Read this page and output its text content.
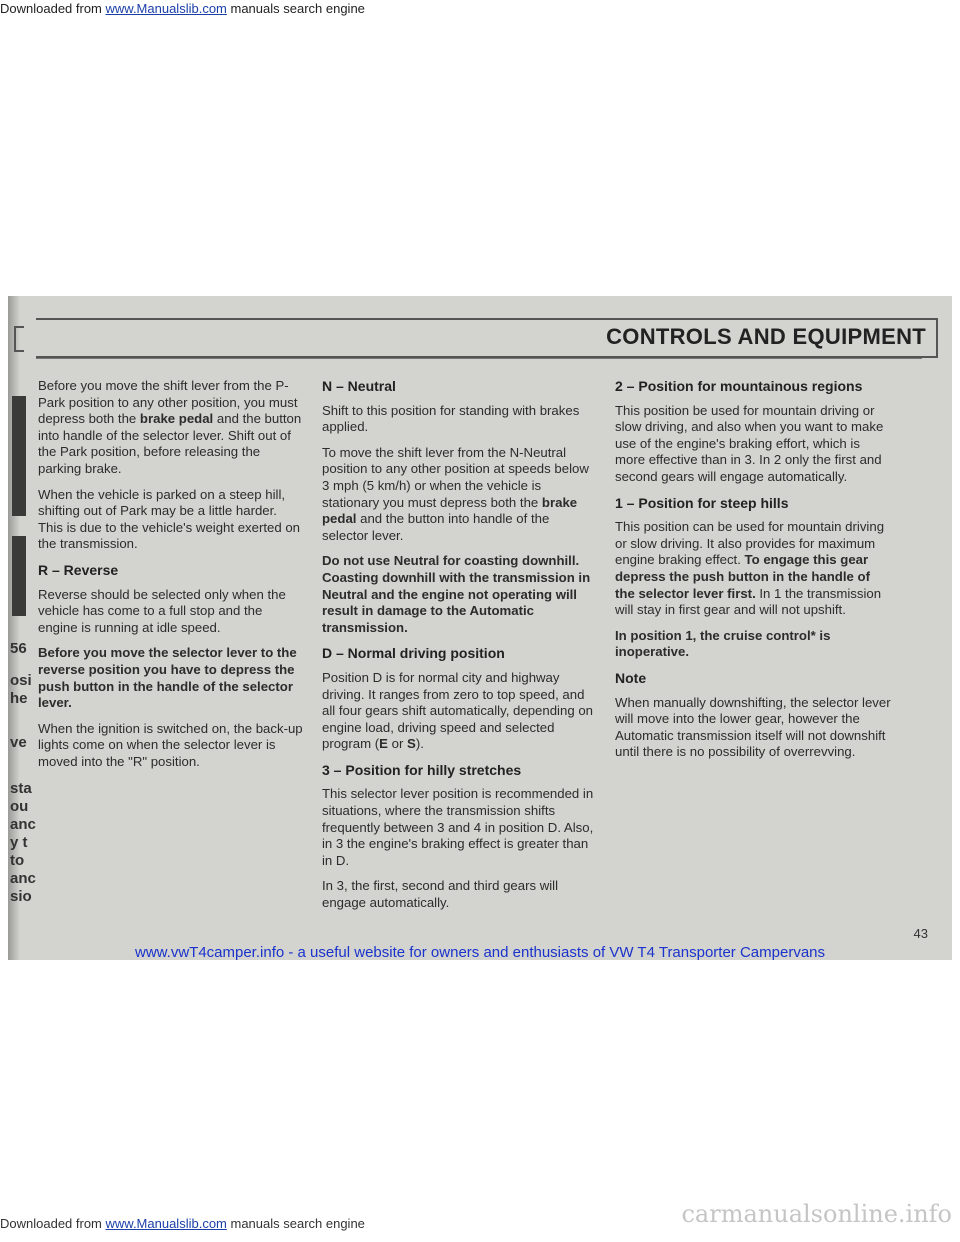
Downloaded from www.Manualslib.com manuals search engine
56
osi
he
ve
sta
ou
anc
y t
to
anc
sio
CONTROLS AND EQUIPMENT

Before you move the shift lever from the P-Park position to any other position, you must depress both the brake pedal and the button into handle of the selector lever. Shift out of the Park position, before releasing the parking brake.

When the vehicle is parked on a steep hill, shifting out of Park may be a little harder. This is due to the vehicle's weight exerted on the transmission.

R – Reverse

Reverse should be selected only when the vehicle has come to a full stop and the engine is running at idle speed.

Before you move the selector lever to the reverse position you have to depress the push button in the handle of the selector lever.

When the ignition is switched on, the back-up lights come on when the selector lever is moved into the "R" position.

N – Neutral

Shift to this position for standing with brakes applied.

To move the shift lever from the N-Neutral position to any other position at speeds below 3 mph (5 km/h) or when the vehicle is stationary you must depress both the brake pedal and the button into handle of the selector lever.

Do not use Neutral for coasting downhill. Coasting downhill with the transmission in Neutral and the engine not operating will result in damage to the Automatic transmission.

D – Normal driving position

Position D is for normal city and highway driving. It ranges from zero to top speed, and all four gears shift automatically, depending on engine load, driving speed and selected program (E or S).

3 – Position for hilly stretches

This selector lever position is recommended in situations, where the transmission shifts frequently between 3 and 4 in position D. Also, in 3 the engine's braking effect is greater than in D.

In 3, the first, second and third gears will engage automatically.

2 – Position for mountainous regions

This position be used for mountain driving or slow driving, and also when you want to make use of the engine's braking effort, which is more effective than in 3. In 2 only the first and second gears will engage automatically.

1 – Position for steep hills

This position can be used for mountain driving or slow driving. It also provides for maximum engine braking effect. To engage this gear depress the push button in the handle of the selector lever first. In 1 the transmission will stay in first gear and will not upshift.

In position 1, the cruise control* is inoperative.

Note

When manually downshifting, the selector lever will move into the lower gear, however the Automatic transmission itself will not downshift until there is no possibility of overrevving.

43
www.vwT4camper.info - a useful website for owners and enthusiasts of VW T4 Transporter Campervans
carmanualsonline.info
Downloaded from www.Manualslib.com manuals search engine
